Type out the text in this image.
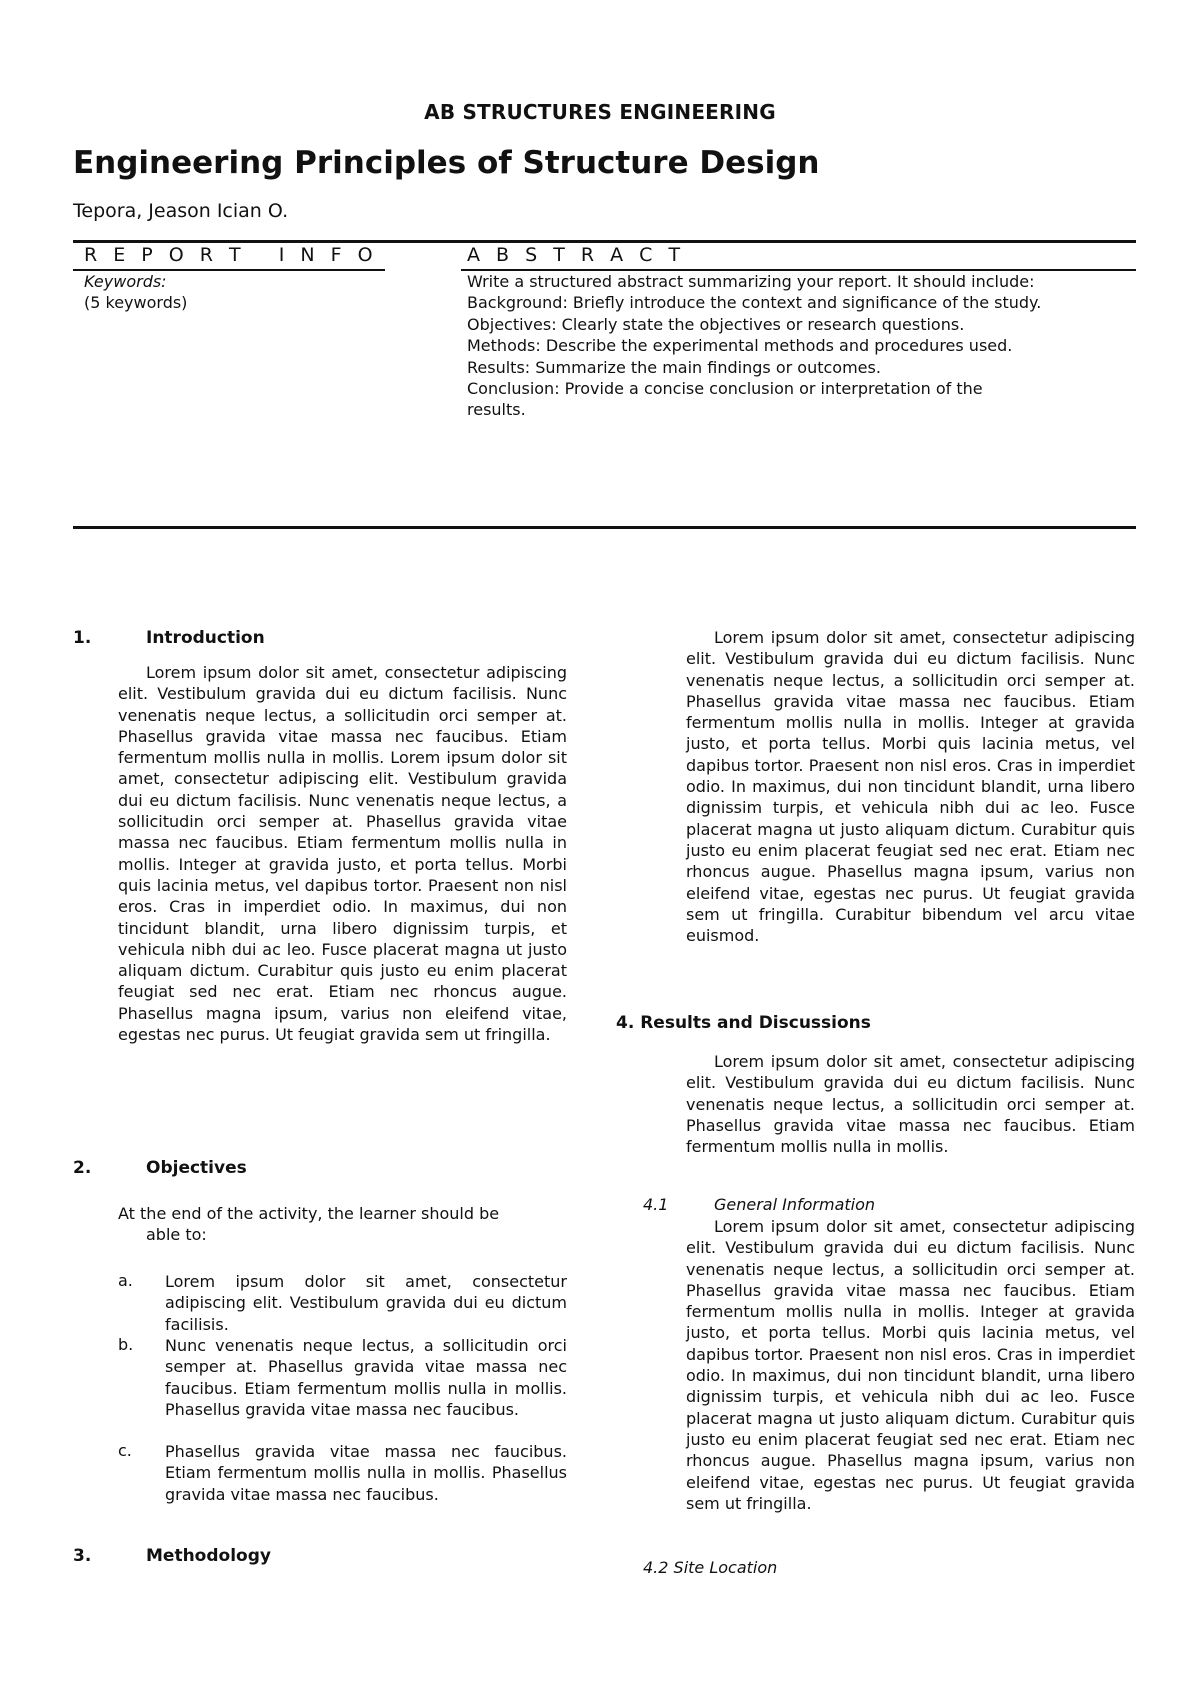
AB STRUCTURES ENGINEERING
Engineering Principles of Structure Design
Tepora, Jeason Ician O.
R E P O R T   I N F O	A B S T R A C T
Keywords:
(5 keywords)
Write a structured abstract summarizing your report. It should include:
Background: Briefly introduce the context and significance of the study.
Objectives: Clearly state the objectives or research questions.
Methods: Describe the experimental methods and procedures used.
Results: Summarize the main findings or outcomes.
Conclusion: Provide a concise conclusion or interpretation of the
results.
1.	Introduction
Lorem ipsum dolor sit amet, consectetur adipiscing elit. Vestibulum gravida dui eu dictum facilisis. Nunc venenatis neque lectus, a sollicitudin orci semper at. Phasellus gravida vitae massa nec faucibus. Etiam fermentum mollis nulla in mollis. Lorem ipsum dolor sit amet, consectetur adipiscing elit. Vestibulum gravida dui eu dictum facilisis. Nunc venenatis neque lectus, a sollicitudin orci semper at. Phasellus gravida vitae massa nec faucibus. Etiam fermentum mollis nulla in mollis. Integer at gravida justo, et porta tellus. Morbi quis lacinia metus, vel dapibus tortor. Praesent non nisl eros. Cras in imperdiet odio. In maximus, dui non tincidunt blandit, urna libero dignissim turpis, et vehicula nibh dui ac leo. Fusce placerat magna ut justo aliquam dictum. Curabitur quis justo eu enim placerat feugiat sed nec erat. Etiam nec rhoncus augue. Phasellus magna ipsum, varius non eleifend vitae, egestas nec purus. Ut feugiat gravida sem ut fringilla.
2.	Objectives
At the end of the activity, the learner should be
able to:
a. Lorem ipsum dolor sit amet, consectetur adipiscing elit. Vestibulum gravida dui eu dictum facilisis.
b. Nunc venenatis neque lectus, a sollicitudin orci semper at. Phasellus gravida vitae massa nec faucibus. Etiam fermentum mollis nulla in mollis. Phasellus gravida vitae massa nec faucibus.
c. Phasellus gravida vitae massa nec faucibus. Etiam fermentum mollis nulla in mollis. Phasellus gravida vitae massa nec faucibus.
3.	Methodology
Lorem ipsum dolor sit amet, consectetur adipiscing elit. Vestibulum gravida dui eu dictum facilisis. Nunc venenatis neque lectus, a sollicitudin orci semper at. Phasellus gravida vitae massa nec faucibus. Etiam fermentum mollis nulla in mollis. Integer at gravida justo, et porta tellus. Morbi quis lacinia metus, vel dapibus tortor. Praesent non nisl eros. Cras in imperdiet odio. In maximus, dui non tincidunt blandit, urna libero dignissim turpis, et vehicula nibh dui ac leo. Fusce placerat magna ut justo aliquam dictum. Curabitur quis justo eu enim placerat feugiat sed nec erat. Etiam nec rhoncus augue. Phasellus magna ipsum, varius non eleifend vitae, egestas nec purus. Ut feugiat gravida sem ut fringilla. Curabitur bibendum vel arcu vitae euismod.
4. Results and Discussions
Lorem ipsum dolor sit amet, consectetur adipiscing elit. Vestibulum gravida dui eu dictum facilisis. Nunc venenatis neque lectus, a sollicitudin orci semper at. Phasellus gravida vitae massa nec faucibus. Etiam fermentum mollis nulla in mollis.
4.1	General Information
Lorem ipsum dolor sit amet, consectetur adipiscing elit. Vestibulum gravida dui eu dictum facilisis. Nunc venenatis neque lectus, a sollicitudin orci semper at. Phasellus gravida vitae massa nec faucibus. Etiam fermentum mollis nulla in mollis. Integer at gravida justo, et porta tellus. Morbi quis lacinia metus, vel dapibus tortor. Praesent non nisl eros. Cras in imperdiet odio. In maximus, dui non tincidunt blandit, urna libero dignissim turpis, et vehicula nibh dui ac leo. Fusce placerat magna ut justo aliquam dictum. Curabitur quis justo eu enim placerat feugiat sed nec erat. Etiam nec rhoncus augue. Phasellus magna ipsum, varius non eleifend vitae, egestas nec purus. Ut feugiat gravida sem ut fringilla.
4.2 Site Location
